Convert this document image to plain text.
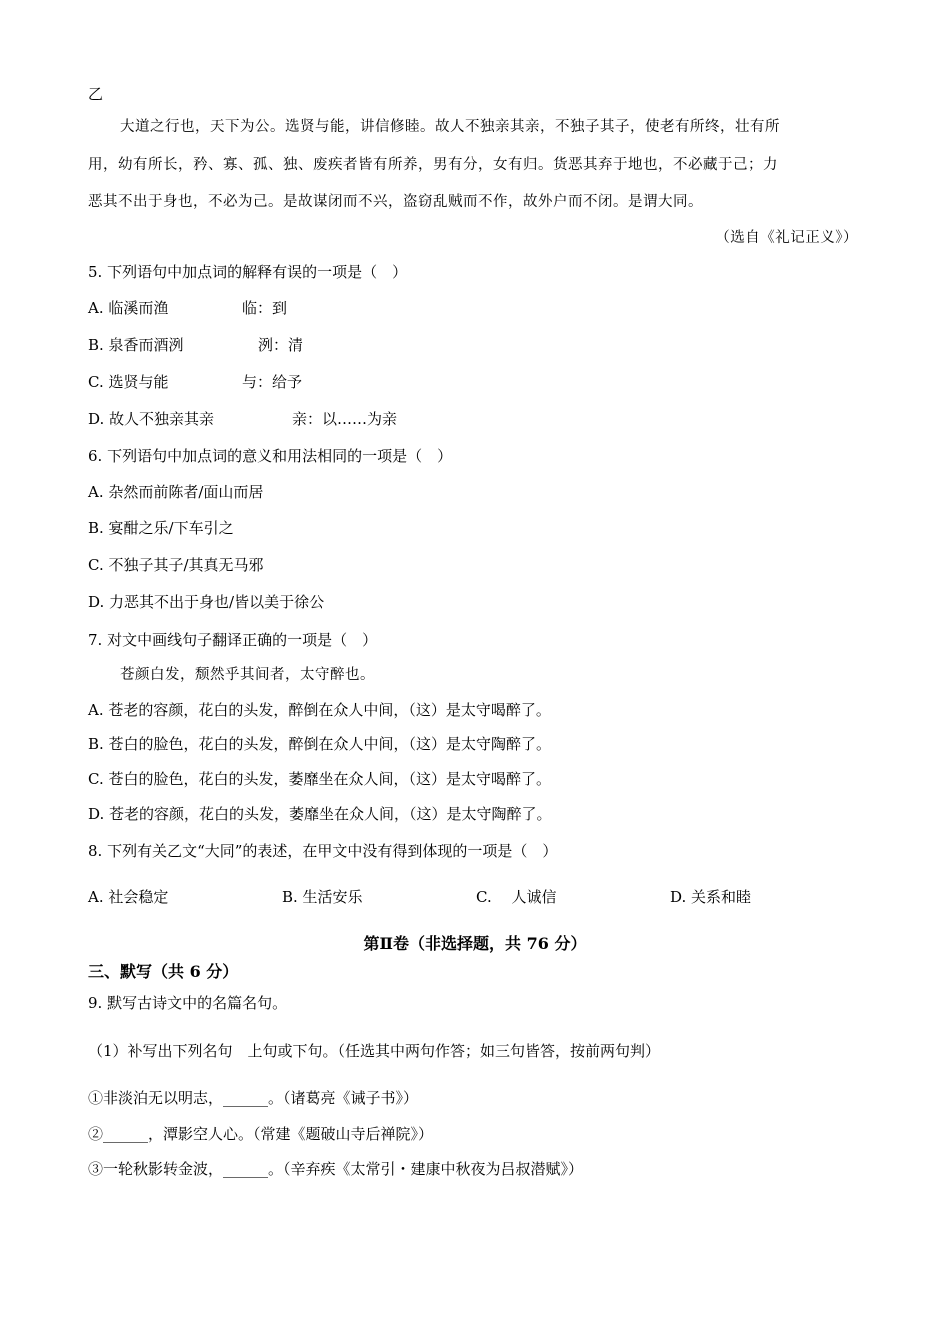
乙
大道之行也，天下为公。选贤与能，讲信修睦。故人不独亲其亲，不独子其子，使老有所终，壮有所
用，幼有所长，矜、寡、孤、独、废疾者皆有所养，男有分，女有归。货恶其弃于地也，不必藏于己；力
恶其不出于身也，不必为己。是故谋闭而不兴，盗窃乱贼而不作，故外户而不闭。是谓大同。
（选自《礼记正义》）
5. 下列语句中加点词的解释有误的一项是（　）
A. 临溪而渔	临：到
B. 泉香而酒洌	洌：清
C. 选贤与能	与：给予
D. 故人不独亲其亲	亲：以……为亲
6. 下列语句中加点词的意义和用法相同的一项是（　）
A. 杂然而前陈者/面山而居
B. 宴酣之乐/下车引之
C. 不独子其子/其真无马邪
D. 力恶其不出于身也/皆以美于徐公
7. 对文中画线句子翻译正确的一项是（　）
苍颜白发，颓然乎其间者，太守醉也。
A. 苍老的容颜，花白的头发，醉倒在众人中间，（这）是太守喝醉了。
B. 苍白的脸色，花白的头发，醉倒在众人中间，（这）是太守陶醉了。
C. 苍白的脸色，花白的头发，萎靡坐在众人间，（这）是太守喝醉了。
D. 苍老的容颜，花白的头发，萎靡坐在众人间，（这）是太守陶醉了。
8. 下列有关乙文“大同”的表述，在甲文中没有得到体现的一项是（　）
A. 社会稳定	B. 生活安乐	C.　 人诚信	D. 关系和睦
第Ⅱ卷（非选择题，共 76 分）
三、默写（共 6 分）
9. 默写古诗文中的名篇名句。
（1）补写出下列名句　上句或下句。（任选其中两句作答；如三句皆答，按前两句判）
①非淡泊无以明志，______。（诸葛亮《诫子书》）
②______，潭影空人心。（常建《题破山寺后禅院》）
③一轮秋影转金波，______。（辛弃疾《太常引・建康中秋夜为吕叔潜赋》）
